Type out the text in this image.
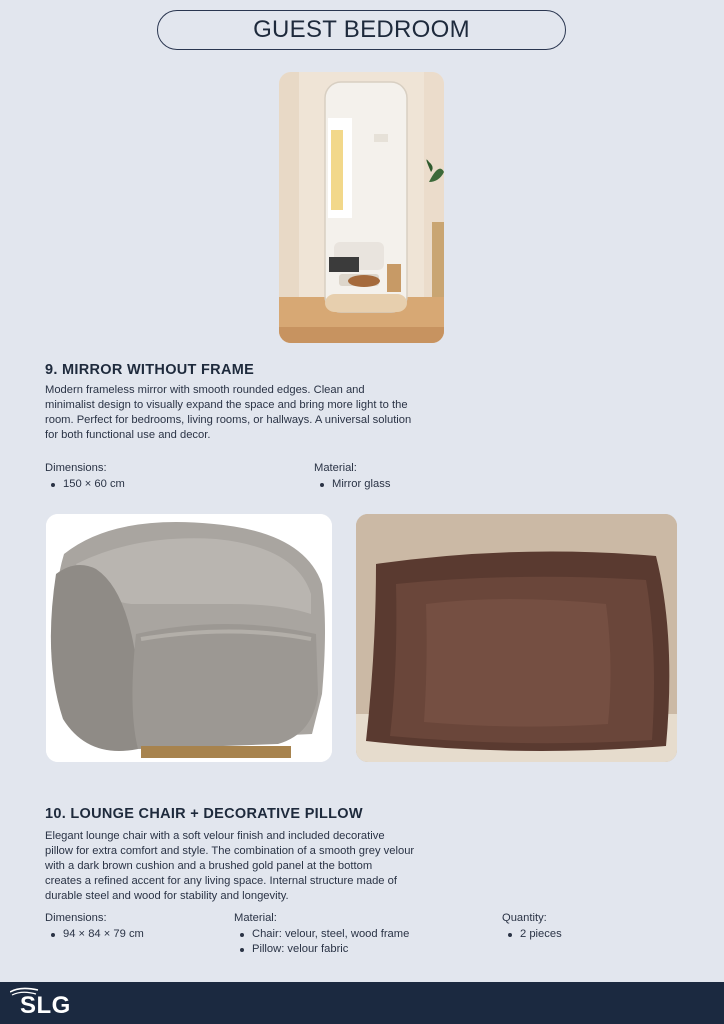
GUEST BEDROOM
9. MIRROR WITHOUT FRAME
Modern frameless mirror with smooth rounded edges. Clean and
minimalist design to visually expand the space and bring more light to the
room. Perfect for bedrooms, living rooms, or hallways. A universal solution
for both functional use and decor.
Dimensions:
150 × 60 cm
Material:
Mirror glass
10. LOUNGE CHAIR + DECORATIVE PILLOW
Elegant lounge chair with a soft velour finish and included decorative
pillow for extra comfort and style. The combination of a smooth grey velour
with a dark brown cushion and a brushed gold panel at the bottom
creates a refined accent for any living space. Internal structure made of
durable steel and wood for stability and longevity.
Dimensions:
94 × 84 × 79 cm
Material:
Chair: velour, steel, wood frame
Pillow: velour fabric
Quantity:
2 pieces
SLG
